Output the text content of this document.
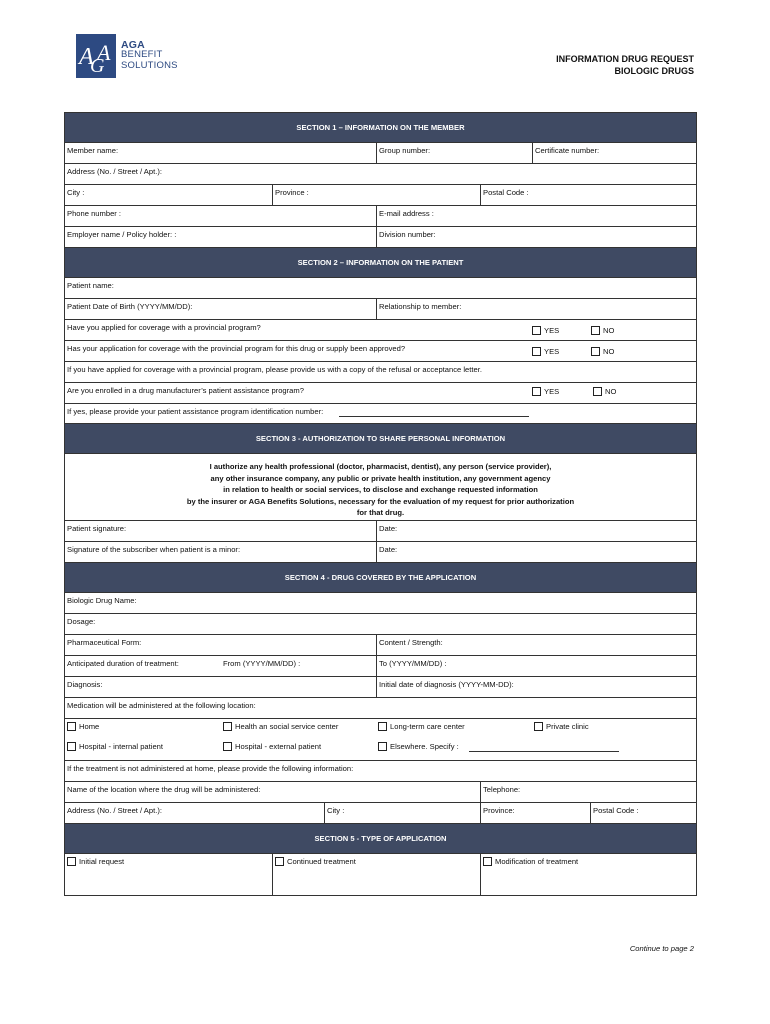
A
G
A AGA
BENEFIT
SOLUTIONS
INFORMATION DRUG REQUEST
BIOLOGIC DRUGS
SECTION 1 – INFORMATION ON THE MEMBER
Member name:	Group number:	Certificate number:
Address (No. / Street / Apt.):
City :	Province :	Postal Code :
Phone number :	E-mail address :
Employer name / Policy holder: :	Division number:
SECTION 2 – INFORMATION ON THE PATIENT
Patient name:
Patient Date of Birth (YYYY/MM/DD):	Relationship to member:
Have you applied for coverage with a provincial program?	YES	NO
Has your application for coverage with the provincial program for this drug or supply been approved?	YES	NO
If you have applied for coverage with a provincial program, please provide us with a copy of the refusal or acceptance letter.
Are you enrolled in a drug manufacturer’s patient assistance program?	YES	NO
If yes, please provide your patient assistance program identification number:
SECTION 3 - AUTHORIZATION TO SHARE PERSONAL INFORMATION
I authorize any health professional (doctor, pharmacist, dentist), any person (service provider),
any other insurance company, any public or private health institution, any government agency
in relation to health or social services, to disclose and exchange requested information
by the insurer or AGA Benefits Solutions, necessary for the evaluation of my request for prior authorization
for that drug.
Patient signature:	Date:
Signature of the subscriber when patient is a minor:	Date:
SECTION 4 - DRUG COVERED BY THE APPLICATION
Biologic Drug Name:
Dosage:
Pharmaceutical Form:	Content / Strength:
Anticipated duration of treatment:	From (YYYY/MM/DD) :	To (YYYY/MM/DD) :
Diagnosis:	Initial date of diagnosis (YYYY-MM-DD):
Medication will be administered at the following location:
Home	Health an social service center	Long-term care center	Private clinic
Hospital - internal patient	Hospital - external patient	Elsewhere. Specify :
If the treatment is not administered at home, please provide the following information:
Name of the location where the drug will be administered:	Telephone:
Address (No. / Street / Apt.):	City :	Province:	Postal Code :
SECTION 5 - TYPE OF APPLICATION
Initial request	Continued treatment	Modification of treatment
Continue to page 2
